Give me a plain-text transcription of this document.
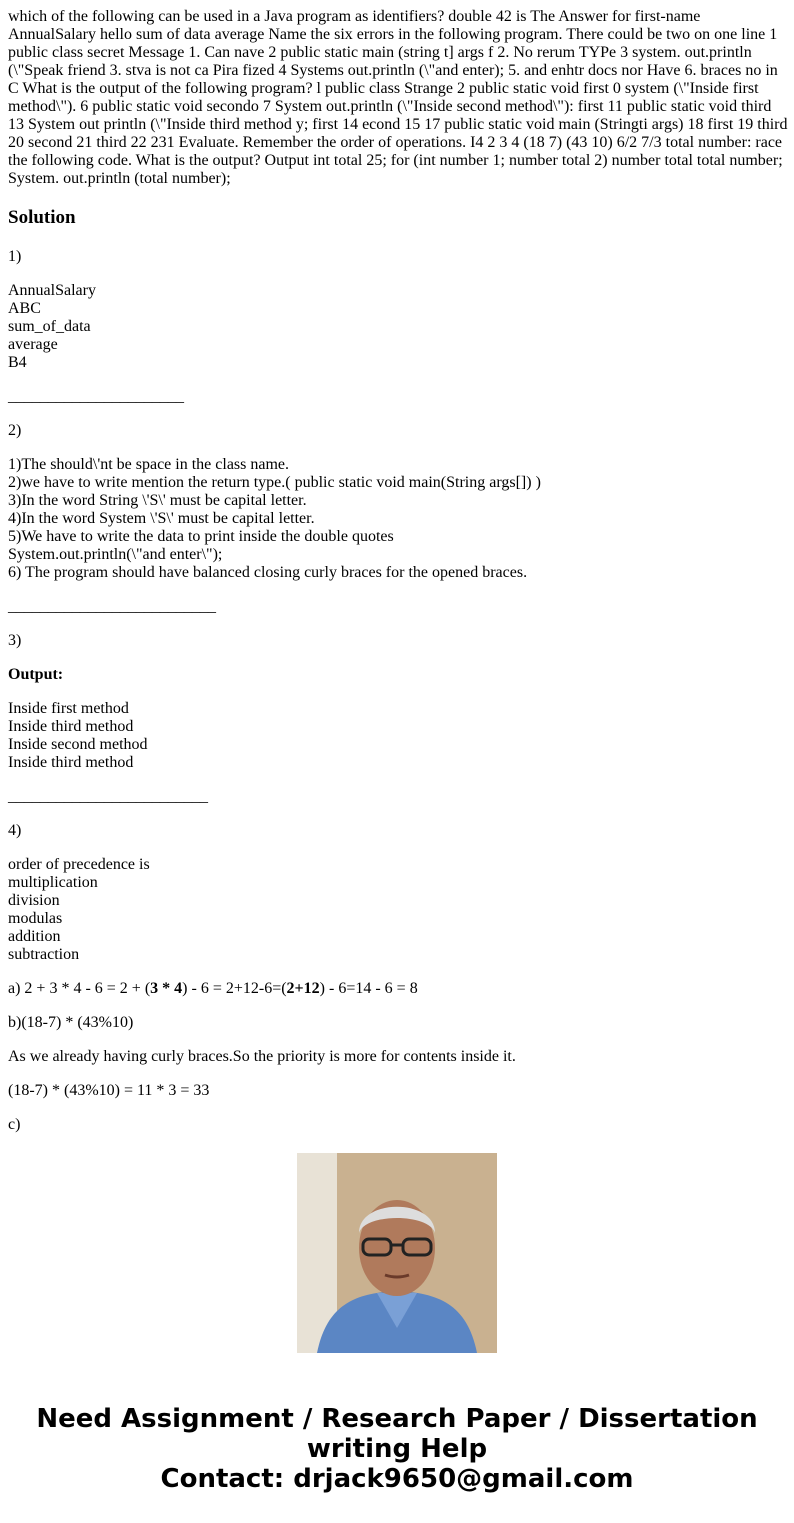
which of the following can be used in a Java program as identifiers? double 42 is The Answer for first-name AnnualSalary hello sum of data average Name the six errors in the following program. There could be two on one line 1 public class secret Message 1. Can nave 2 public static main (string t] args f 2. No rerum TYPe 3 system. out.println (\"Speak friend 3. stva is not ca Pira fized 4 Systems out.println (\"and enter); 5. and enhtr docs nor Have 6. braces no in C What is the output of the following program? l public class Strange 2 public static void first 0 system (\"Inside first method\"). 6 public static void secondo 7 System out.println (\"Inside second method\"): first 11 public static void third 13 System out println (\"Inside third method y; first 14 econd 15 17 public static void main (Stringti args) 18 first 19 third 20 second 21 third 22 231 Evaluate. Remember the order of operations. I4 2 3 4 (18 7) (43 10) 6/2 7/3 total number: race the following code. What is the output? Output int total 25; for (int number 1; number total 2) number total total number; System. out.println (total number);

Solution

1)

AnnualSalary
ABC
sum_of_data
average
B4

______________________

2)

1)The should\'nt be space in the class name.
2)we have to write mention the return type.( public static void main(String args[]) )
3)In the word String \'S\' must be capital letter.
4)In the word System \'S\' must be capital letter.
5)We have to write the data to print inside the double quotes
System.out.println(\"and enter\");
6) The program should have balanced closing curly braces for the opened braces.

__________________________

3)

Output:

Inside first method
Inside third method
Inside second method
Inside third method

_________________________

4)

order of precedence is
multiplication
division
modulas
addition
subtraction

a) 2 + 3 * 4 - 6 = 2 + (3 * 4) - 6 = 2+12-6=(2+12) - 6=14 - 6 = 8

b)(18-7) * (43%10)

As we already having curly braces.So the priority is more for contents inside it.

(18-7) * (43%10) = 11 * 3 = 33

c)

Need Assignment / Research Paper / Dissertation
writing Help
Contact: drjack9650@gmail.com
